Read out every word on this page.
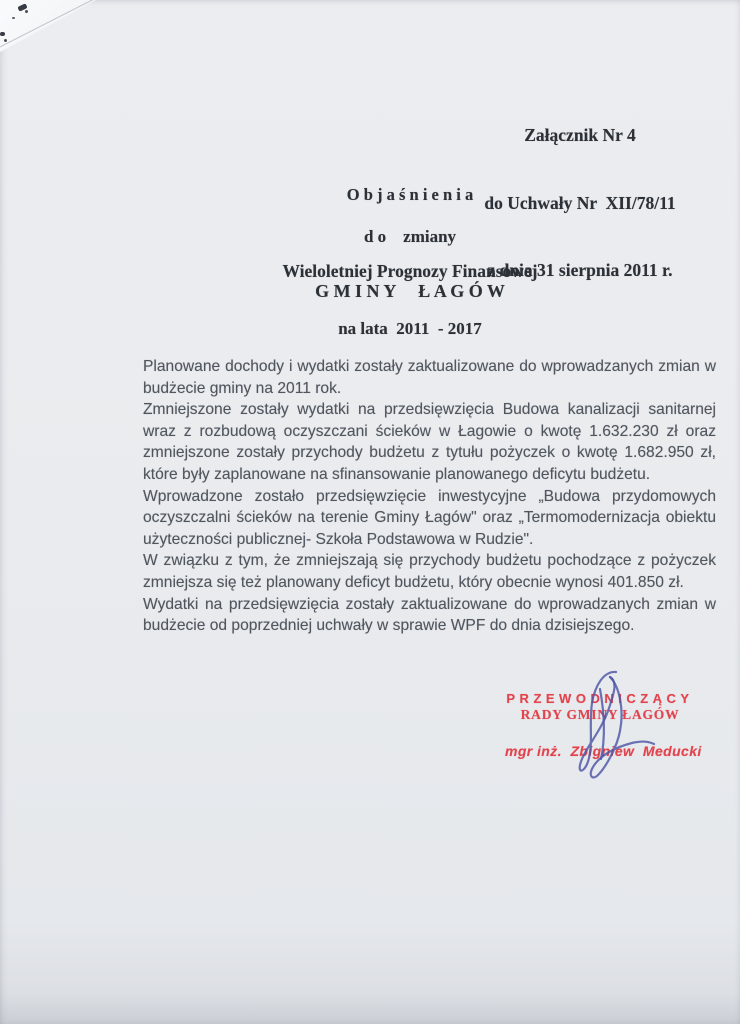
Załącznik Nr 4

do Uchwały Nr  XII/78/11

z dnia 31 sierpnia 2011 r.

O b j a ś n i e n i a
d o    zmiany
Wieloletniej Prognozy Finansowej
G M I N Y     Ł A G Ó W
na lata  2011  - 2017

Planowane dochody i wydatki zostały zaktualizowane do wprowadzanych zmian w budżecie gminy na 2011 rok.

Zmniejszone zostały wydatki na przedsięwzięcia Budowa kanalizacji sanitarnej wraz z rozbudową oczyszczani ścieków w Łagowie o kwotę 1.632.230 zł oraz zmniejszone zostały przychody budżetu z tytułu pożyczek o kwotę 1.682.950 zł, które były zaplanowane na sfinansowanie planowanego deficytu budżetu.

Wprowadzone zostało przedsięwzięcie inwestycyjne „Budowa przydomowych oczyszczalni ścieków na terenie Gminy Łagów" oraz „Termomodernizacja obiektu użyteczności publicznej- Szkoła Podstawowa w Rudzie".

W związku z tym, że zmniejszają się przychody budżetu pochodzące z pożyczek zmniejsza się też planowany deficyt budżetu, który obecnie wynosi 401.850 zł.

Wydatki na przedsięwzięcia zostały zaktualizowane do wprowadzanych zmian w budżecie od poprzedniej uchwały w sprawie WPF do dnia dzisiejszego.

PRZEWODNICZĄCY
RADY GMINY ŁAGÓW
mgr inż.  Zbigniew  Meducki
